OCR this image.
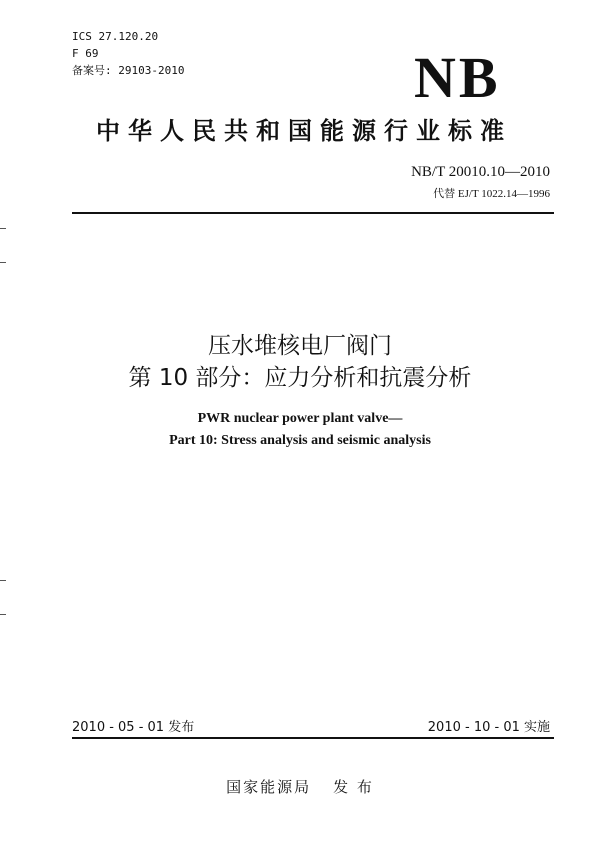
ICS 27.120.20
F 69
备案号: 29103-2010	NB
中华人民共和国能源行业标准
NB/T 20010.10—2010
代替 EJ/T 1022.14—1996
压水堆核电厂阀门
第 10 部分：应力分析和抗震分析
PWR nuclear power plant valve—
Part 10: Stress analysis and seismic analysis
2010 - 05 - 01 发布	2010 - 10 - 01 实施
国家能源局 发 布
